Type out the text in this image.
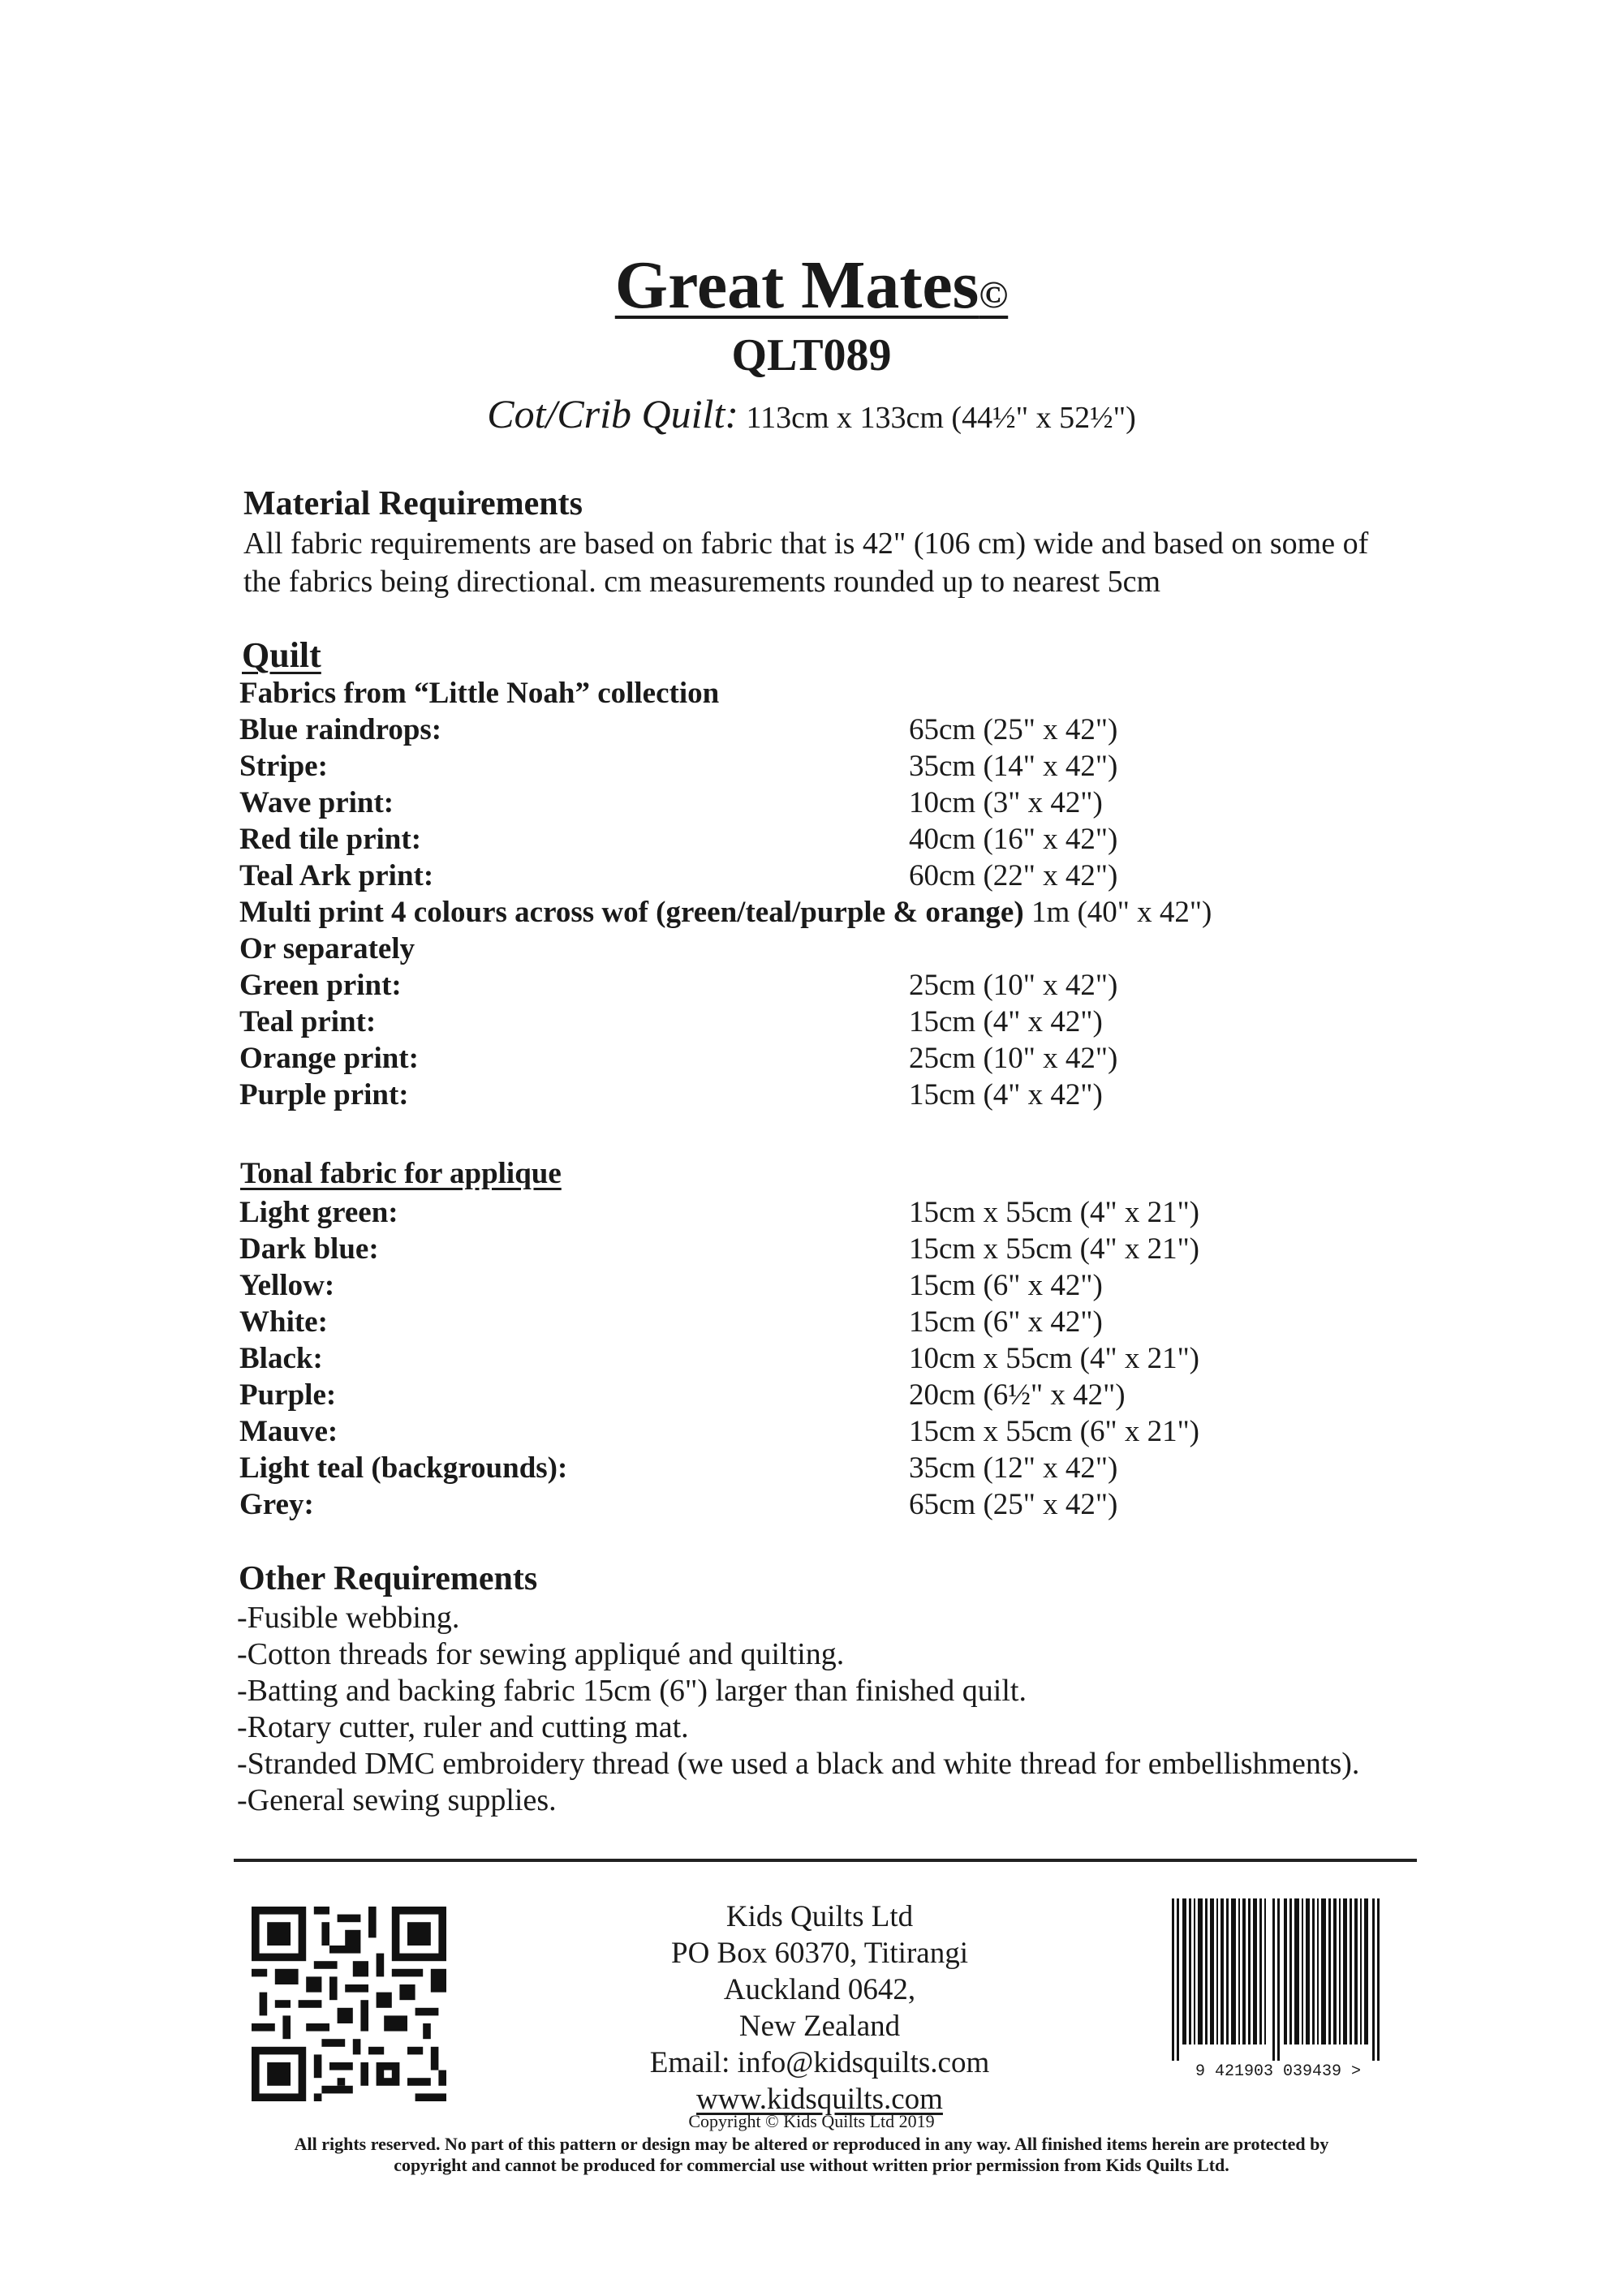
Great Mates©
QLT089
Cot/Crib Quilt: 113cm x 133cm (44½" x 52½")
Material Requirements
All fabric requirements are based on fabric that is 42" (106 cm) wide and based on some of
the fabrics being directional. cm measurements rounded up to nearest 5cm
Quilt
Fabrics from “Little Noah” collection
Blue raindrops:	65cm (25" x 42")
Stripe:	35cm (14" x 42")
Wave print:	10cm (3" x 42")
Red tile print:	40cm (16" x 42")
Teal Ark print:	60cm (22" x 42")
Multi print 4 colours across wof (green/teal/purple & orange) 1m (40" x 42")
Or separately
Green print:	25cm (10" x 42")
Teal print:	15cm (4" x 42")
Orange print:	25cm (10" x 42")
Purple print:	15cm (4" x 42")
Tonal fabric for applique
Light green:	15cm x 55cm (4" x 21")
Dark blue:	15cm x 55cm (4" x 21")
Yellow:	15cm (6" x 42")
White:	15cm (6" x 42")
Black:	10cm x 55cm (4" x 21")
Purple:	20cm (6½" x 42")
Mauve:	15cm x 55cm (6" x 21")
Light teal (backgrounds):	35cm (12" x 42")
Grey:	65cm (25" x 42")
Other Requirements
-Fusible webbing.
-Cotton threads for sewing appliqué and quilting.
-Batting and backing fabric 15cm (6") larger than finished quilt.
-Rotary cutter, ruler and cutting mat.
-Stranded DMC embroidery thread (we used a black and white thread for embellishments).
-General sewing supplies.
Kids Quilts Ltd
PO Box 60370, Titirangi
Auckland 0642,
New Zealand
Email: info@kidsquilts.com
www.kidsquilts.com
9 421903 039439 >
Copyright © Kids Quilts Ltd 2019
All rights reserved. No part of this pattern or design may be altered or reproduced in any way. All finished items herein are protected by
copyright and cannot be produced for commercial use without written prior permission from Kids Quilts Ltd.
